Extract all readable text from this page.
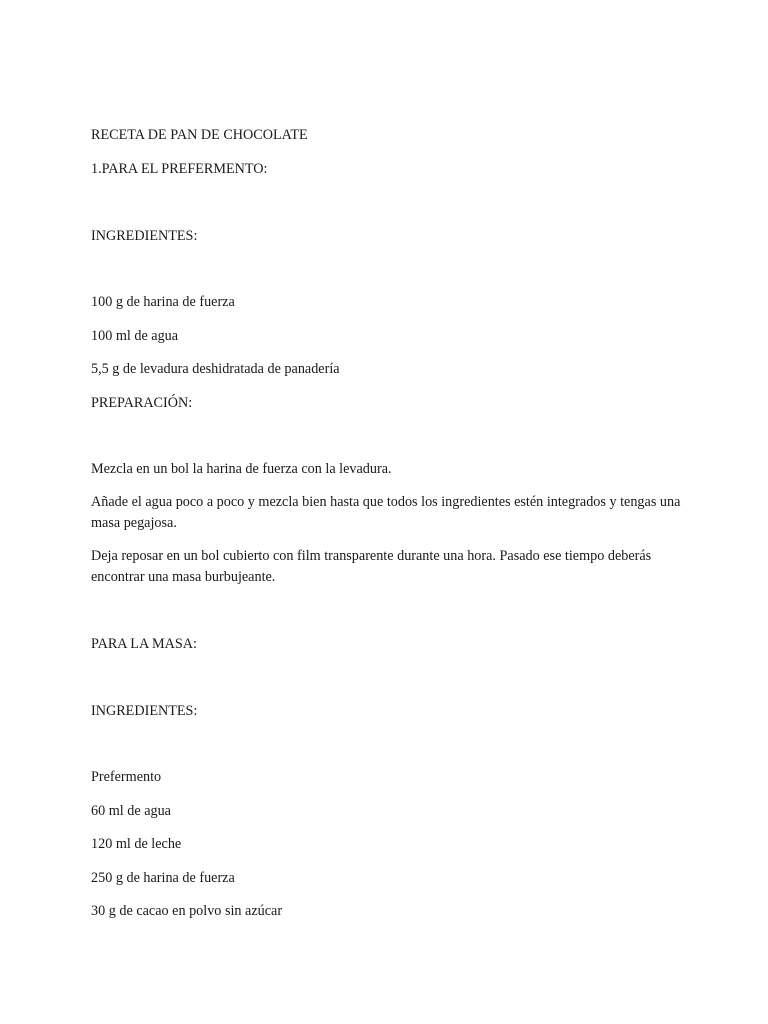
RECETA DE PAN DE CHOCOLATE

1.PARA EL PREFERMENTO:

INGREDIENTES:

100 g de harina de fuerza

100 ml de agua

5,5 g de levadura deshidratada de panadería

PREPARACIÓN:

Mezcla en un bol la harina de fuerza con la levadura.

Añade el agua poco a poco y mezcla bien hasta que todos los ingredientes estén integrados y tengas una masa pegajosa.

Deja reposar en un bol cubierto con film transparente durante una hora. Pasado ese tiempo deberás encontrar una masa burbujeante.

PARA LA MASA:

INGREDIENTES:

Prefermento

60 ml de agua

120 ml de leche

250 g de harina de fuerza

30 g de cacao en polvo sin azúcar
